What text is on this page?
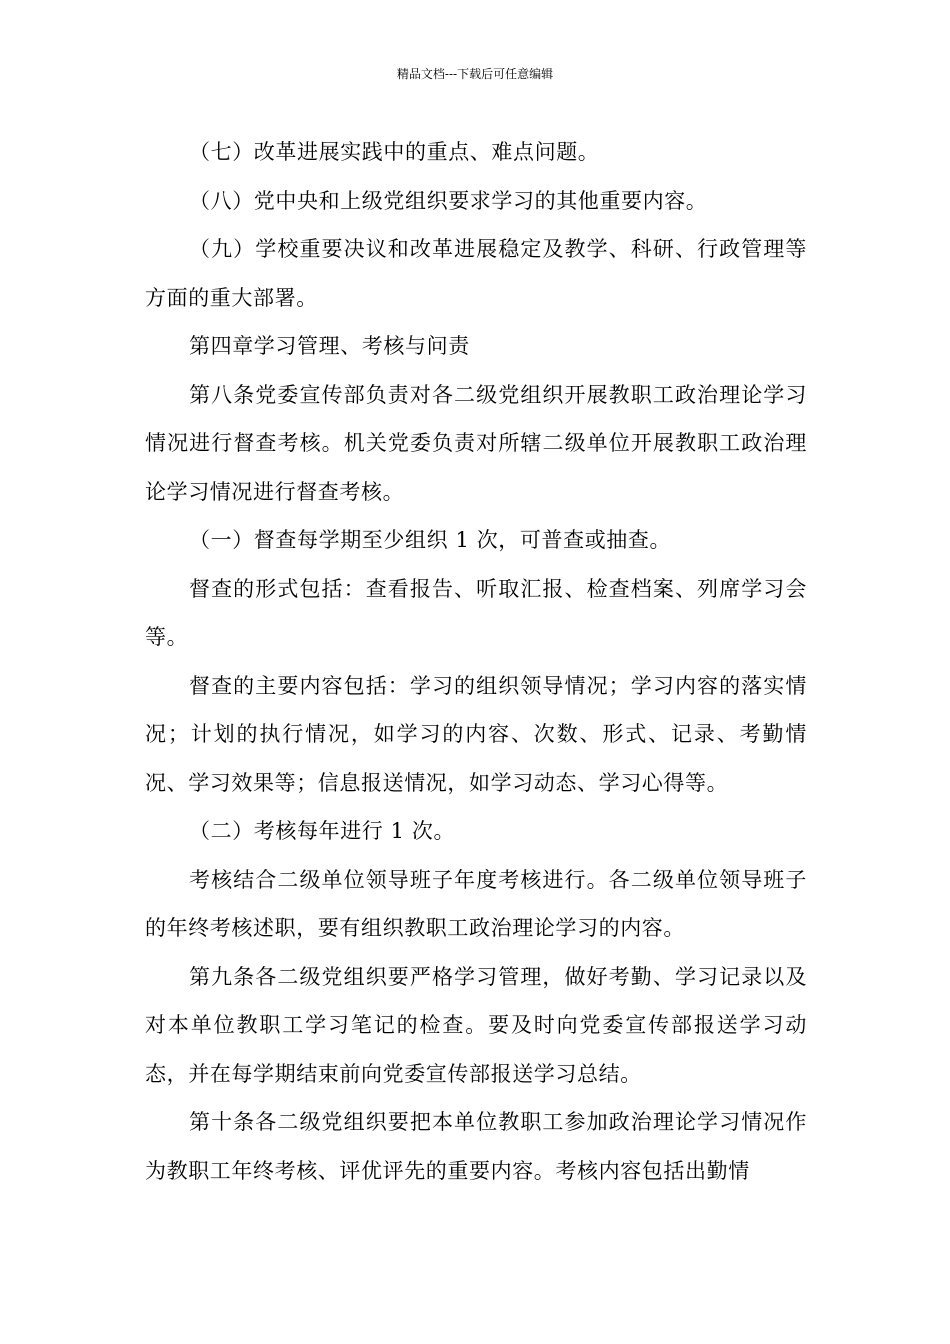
精品文档---下载后可任意编辑

（七）改革进展实践中的重点、难点问题。

（八）党中央和上级党组织要求学习的其他重要内容。

（九）学校重要决议和改革进展稳定及教学、科研、行政管理等方面的重大部署。

第四章学习管理、考核与问责

第八条党委宣传部负责对各二级党组织开展教职工政治理论学习情况进行督查考核。机关党委负责对所辖二级单位开展教职工政治理论学习情况进行督查考核。

（一）督查每学期至少组织 1 次，可普查或抽查。

督查的形式包括：查看报告、听取汇报、检查档案、列席学习会等。

督查的主要内容包括：学习的组织领导情况；学习内容的落实情况；计划的执行情况，如学习的内容、次数、形式、记录、考勤情况、学习效果等；信息报送情况，如学习动态、学习心得等。

（二）考核每年进行 1 次。

考核结合二级单位领导班子年度考核进行。各二级单位领导班子的年终考核述职，要有组织教职工政治理论学习的内容。

第九条各二级党组织要严格学习管理，做好考勤、学习记录以及对本单位教职工学习笔记的检查。要及时向党委宣传部报送学习动态，并在每学期结束前向党委宣传部报送学习总结。

第十条各二级党组织要把本单位教职工参加政治理论学习情况作为教职工年终考核、评优评先的重要内容。考核内容包括出勤情
